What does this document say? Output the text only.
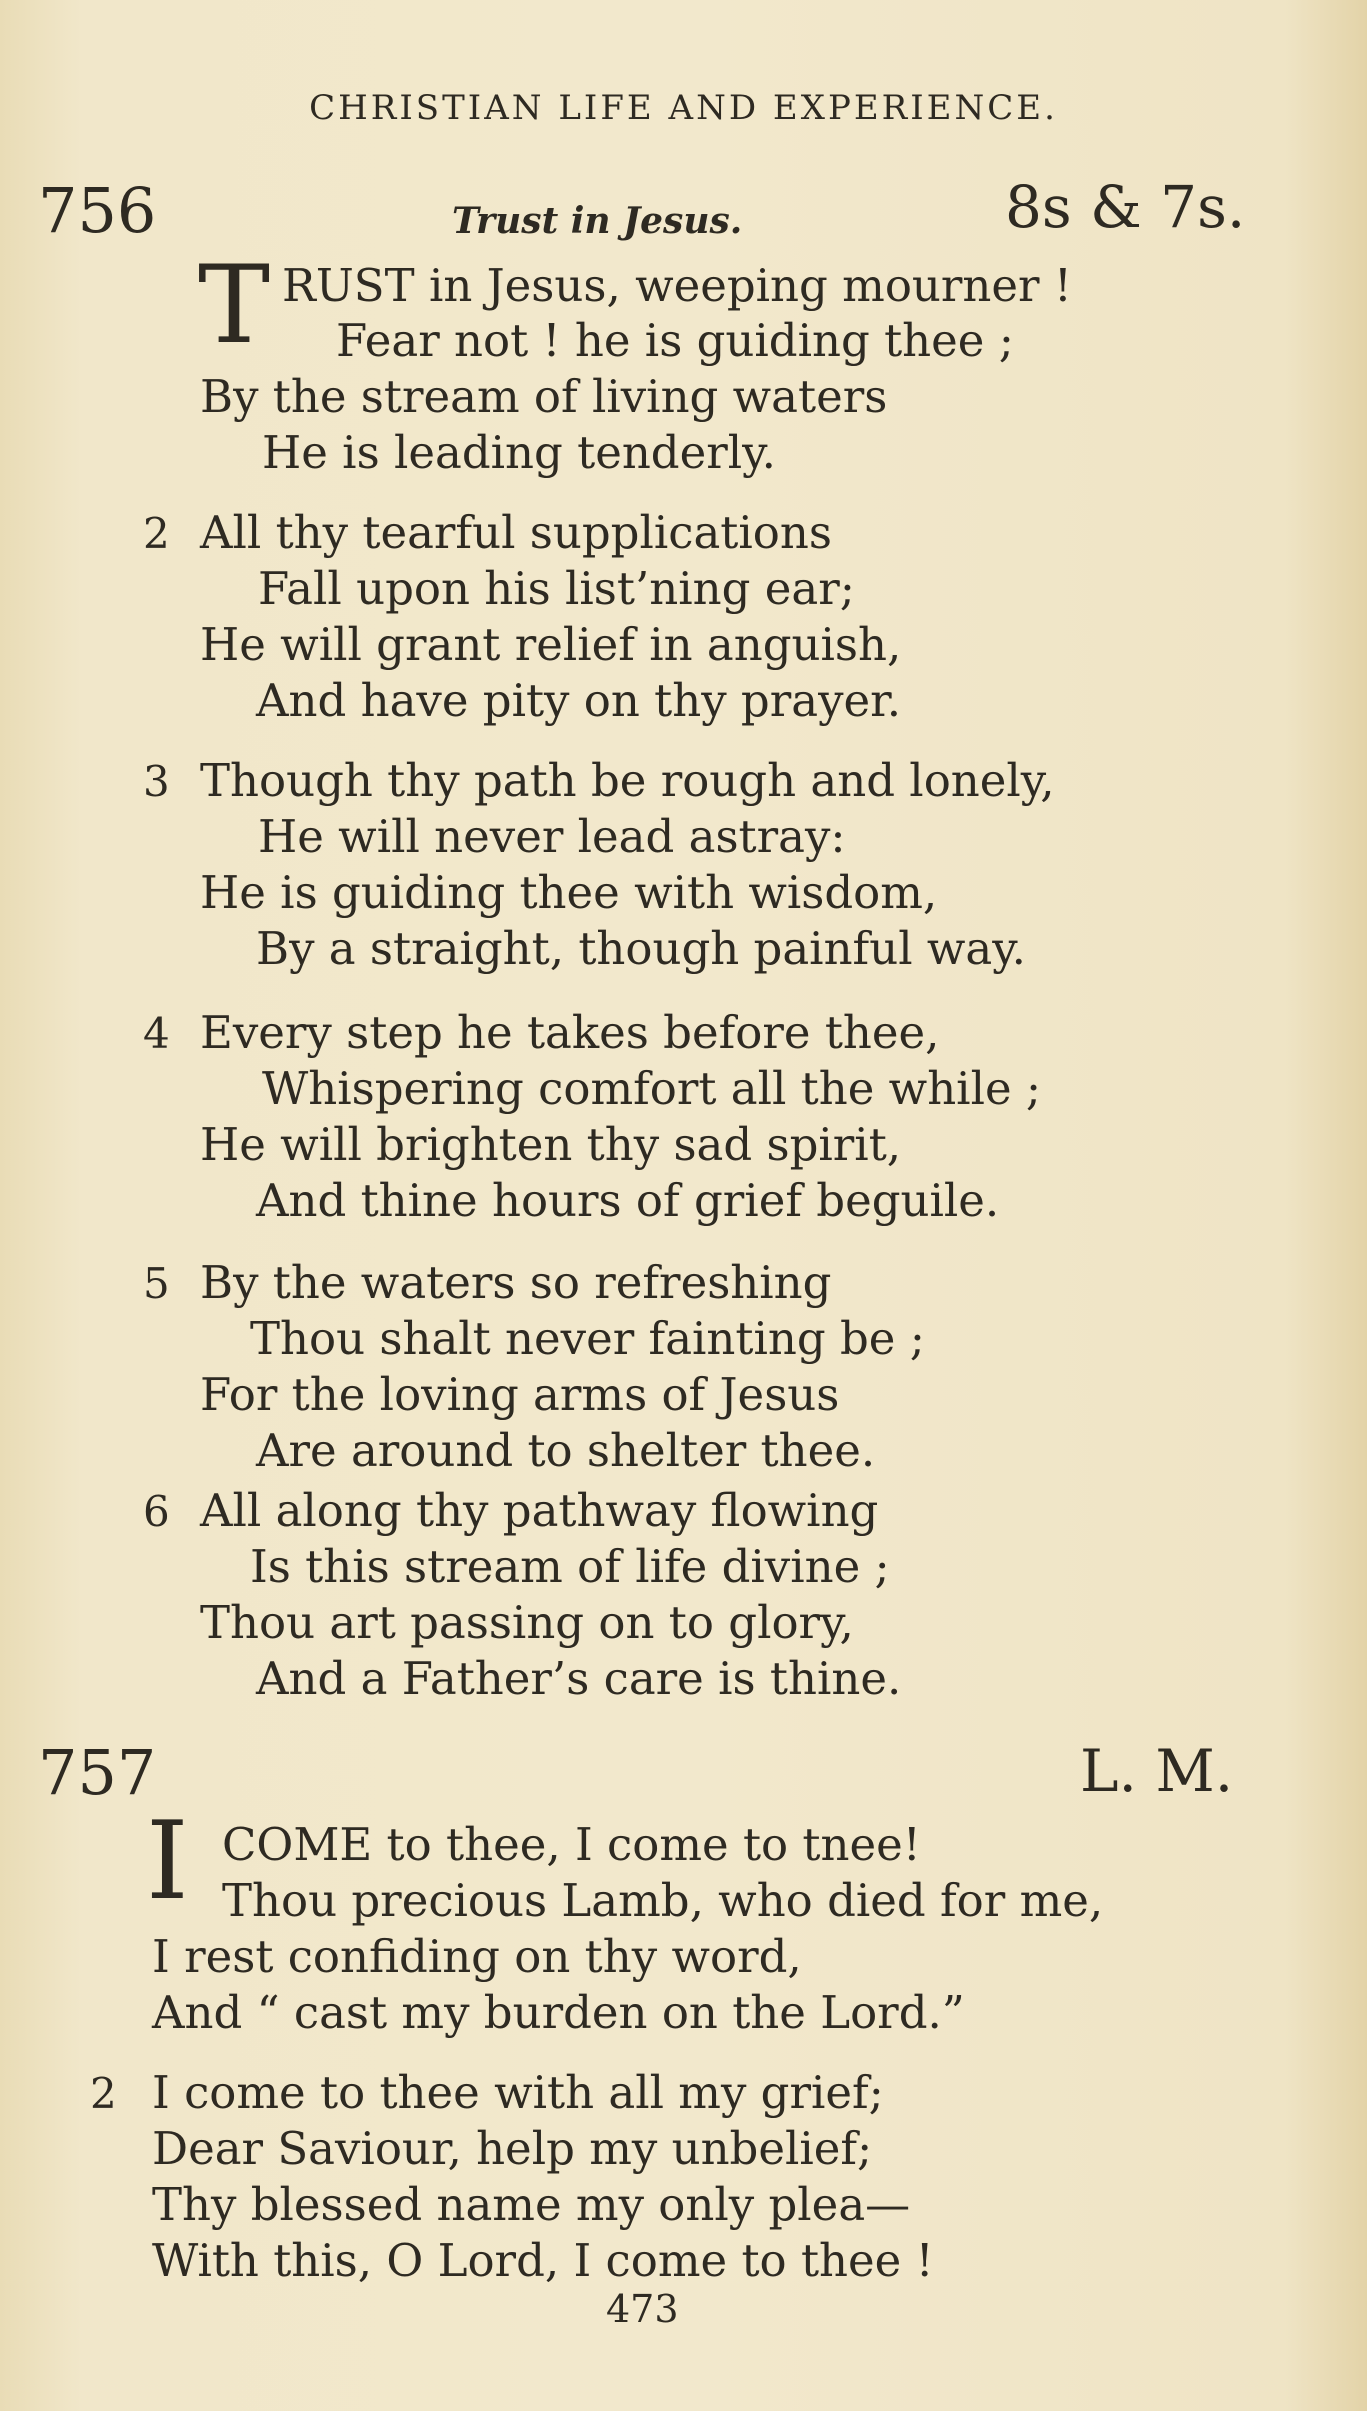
CHRISTIAN LIFE AND EXPERIENCE.
756	Trust in Jesus.	8s & 7s.
T RUST in Jesus, weeping mourner !
Fear not ! he is guiding thee ;
By the stream of living waters
He is leading tenderly.
2 All thy tearful supplications
Fall upon his list’ning ear;
He will grant relief in anguish,
And have pity on thy prayer.
3 Though thy path be rough and lonely,
He will never lead astray:
He is guiding thee with wisdom,
By a straight, though painful way.
4 Every step he takes before thee,
Whispering comfort all the while ;
He will brighten thy sad spirit,
And thine hours of grief beguile.
5 By the waters so refreshing
Thou shalt never fainting be ;
For the loving arms of Jesus
Are around to shelter thee.
6 All along thy pathway flowing
Is this stream of life divine ;
Thou art passing on to glory,
And a Father’s care is thine.
757	L. M.
I COME to thee, I come to tnee!
Thou precious Lamb, who died for me,
I rest confiding on thy word,
And “ cast my burden on the Lord.”
2 I come to thee with all my grief;
Dear Saviour, help my unbelief;
Thy blessed name my only plea—
With this, O Lord, I come to thee !
473
